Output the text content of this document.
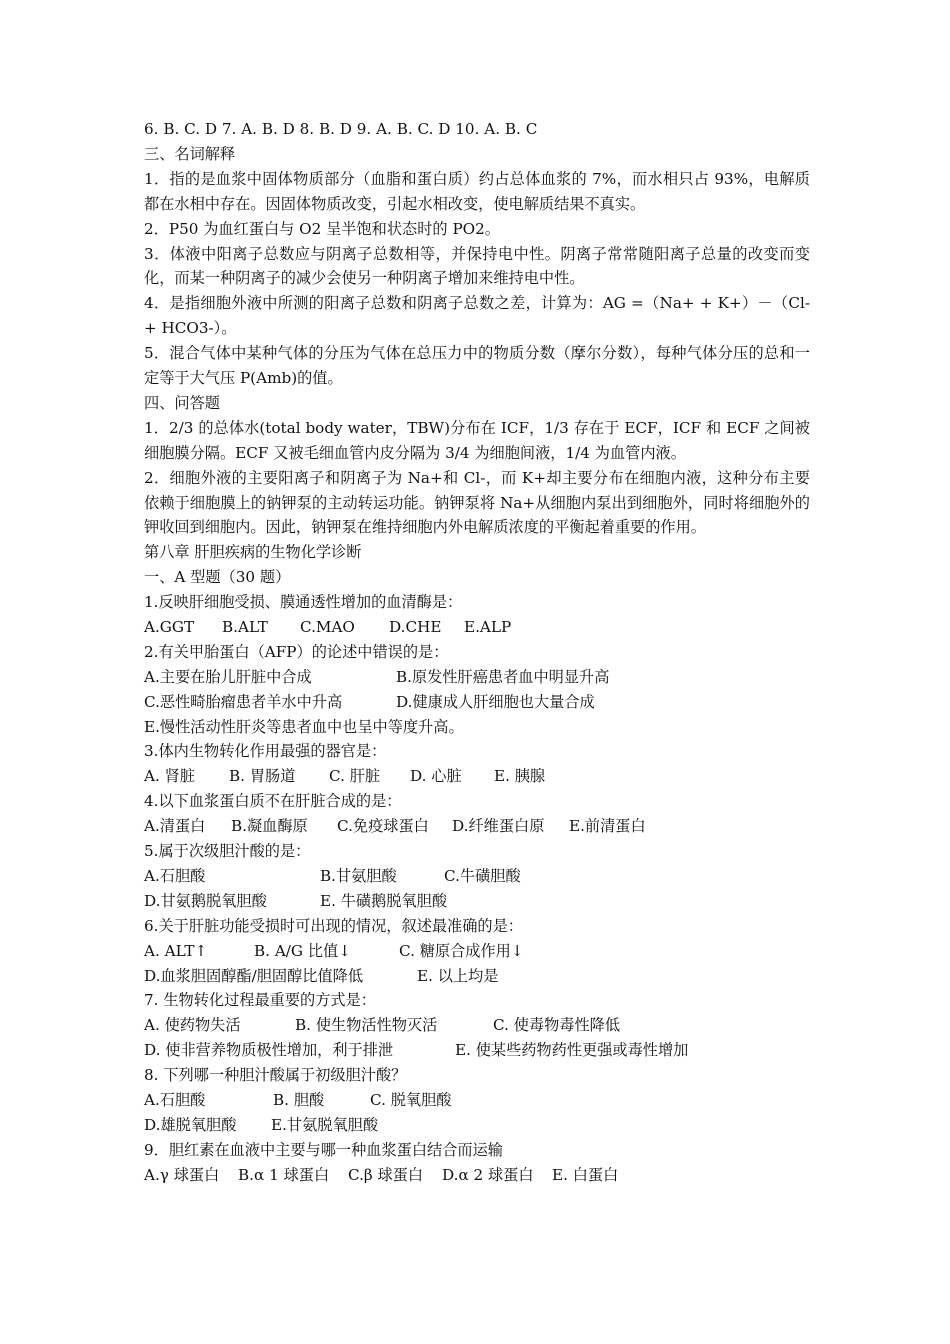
6. B. C. D 7. A. B. D 8. B. D 9. A. B. C. D 10. A. B. C
三、名词解释
1．指的是血浆中固体物质部分（血脂和蛋白质）约占总体血浆的 7%，而水相只占 93%，电解质都在水相中存在。因固体物质改变，引起水相改变，使电解质结果不真实。
2．P50 为血红蛋白与 O2 呈半饱和状态时的 PO2。
3．体液中阳离子总数应与阴离子总数相等，并保持电中性。阴离子常常随阳离子总量的改变而变化，而某一种阴离子的减少会使另一种阴离子增加来维持电中性。
4．是指细胞外液中所测的阳离子总数和阴离子总数之差，计算为：AG =（Na+ + K+）－（Cl- + HCO3-）。
5．混合气体中某种气体的分压为气体在总压力中的物质分数（摩尔分数），每种气体分压的总和一定等于大气压 P(Amb)的值。
四、问答题
1．2/3 的总体水(total body water，TBW)分布在 ICF，1/3 存在于 ECF，ICF 和 ECF 之间被细胞膜分隔。ECF 又被毛细血管内皮分隔为 3/4 为细胞间液，1/4 为血管内液。
2．细胞外液的主要阳离子和阴离子为 Na+和 Cl-，而 K+却主要分布在细胞内液，这种分布主要依赖于细胞膜上的钠钾泵的主动转运功能。钠钾泵将 Na+从细胞内泵出到细胞外，同时将细胞外的钾收回到细胞内。因此，钠钾泵在维持细胞内外电解质浓度的平衡起着重要的作用。
第八章 肝胆疾病的生物化学诊断
一、A 型题（30 题）
1.反映肝细胞受损、膜通透性增加的血清酶是：
A.GGT B.ALT C.MAO D.CHE E.ALP
2.有关甲胎蛋白（AFP）的论述中错误的是：
A.主要在胎儿肝脏中合成	B.原发性肝癌患者血中明显升高
C.恶性畸胎瘤患者羊水中升高	D.健康成人肝细胞也大量合成
E.慢性活动性肝炎等患者血中也呈中等度升高。
3.体内生物转化作用最强的器官是：
A. 肾脏 B. 胃肠道 C. 肝脏 D. 心脏 E. 胰腺
4.以下血浆蛋白质不在肝脏合成的是：
A.清蛋白 B.凝血酶原 C.免疫球蛋白 D.纤维蛋白原 E.前清蛋白
5.属于次级胆汁酸的是：
A.石胆酸	B.甘氨胆酸	C.牛磺胆酸
D.甘氨鹅脱氧胆酸	E. 牛磺鹅脱氧胆酸
6.关于肝脏功能受损时可出现的情况，叙述最准确的是：
A. ALT↑	B. A/G 比值↓	C. 糖原合成作用↓
D.血浆胆固醇酯/胆固醇比值降低	E. 以上均是
7. 生物转化过程最重要的方式是：
A. 使药物失活	B. 使生物活性物灭活	C. 使毒物毒性降低
D. 使非营养物质极性增加，利于排泄	E. 使某些药物药性更强或毒性增加
8. 下列哪一种胆汁酸属于初级胆汁酸？
A.石胆酸	B. 胆酸	C. 脱氧胆酸
D.雄脱氧胆酸 E.甘氨脱氧胆酸
9．胆红素在血液中主要与哪一种血浆蛋白结合而运输
A.γ 球蛋白 B.α 1 球蛋白 C.β 球蛋白 D.α 2 球蛋白 E. 白蛋白
